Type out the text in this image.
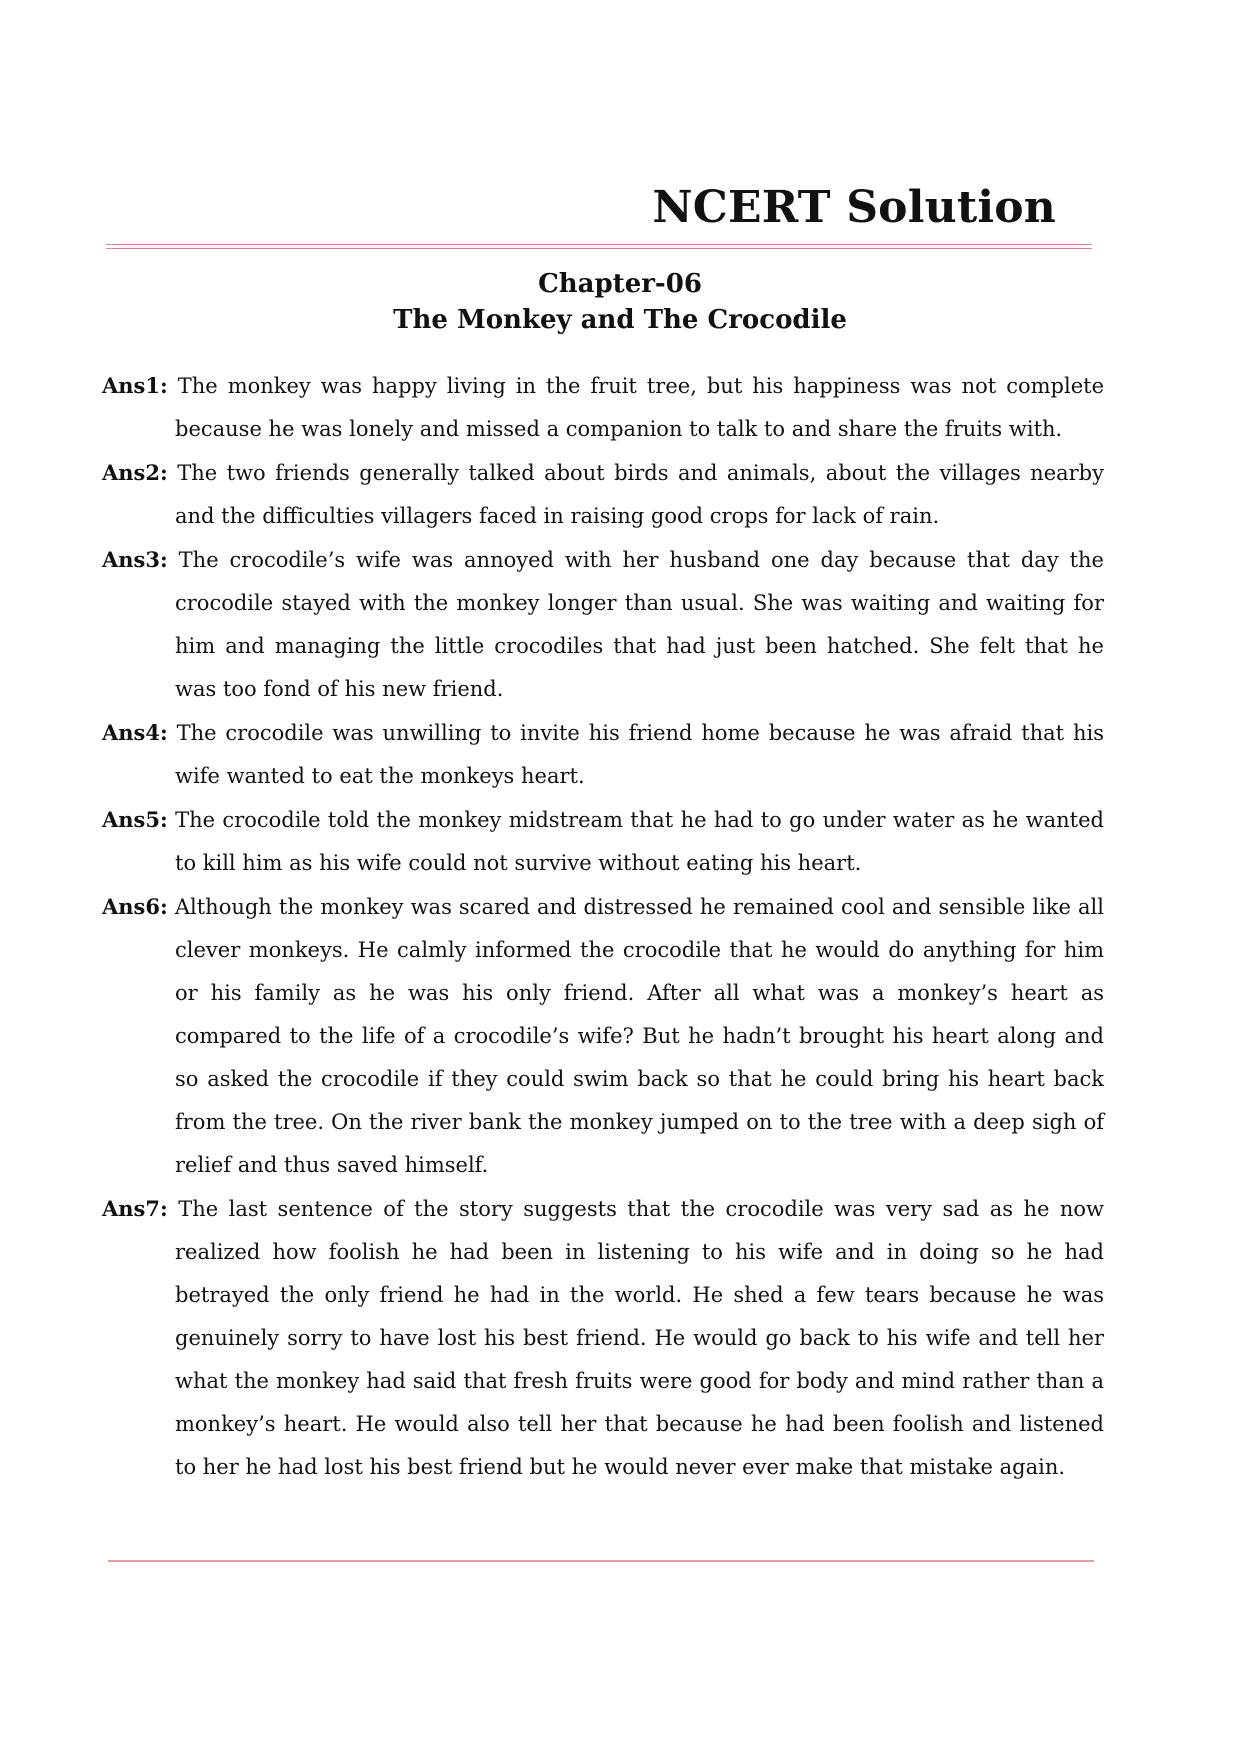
NCERT Solution
Chapter-06
The Monkey and The Crocodile

Ans1: The monkey was happy living in the fruit tree, but his happiness was not complete because he was lonely and missed a companion to talk to and share the fruits with.

Ans2: The two friends generally talked about birds and animals, about the villages nearby and the difficulties villagers faced in raising good crops for lack of rain.

Ans3: The crocodile’s wife was annoyed with her husband one day because that day the crocodile stayed with the monkey longer than usual. She was waiting and waiting for him and managing the little crocodiles that had just been hatched. She felt that he was too fond of his new friend.

Ans4: The crocodile was unwilling to invite his friend home because he was afraid that his wife wanted to eat the monkeys heart.

Ans5: The crocodile told the monkey midstream that he had to go under water as he wanted to kill him as his wife could not survive without eating his heart.

Ans6: Although the monkey was scared and distressed he remained cool and sensible like all clever monkeys. He calmly informed the crocodile that he would do anything for him or his family as he was his only friend. After all what was a monkey’s heart as compared to the life of a crocodile’s wife? But he hadn’t brought his heart along and so asked the crocodile if they could swim back so that he could bring his heart back from the tree. On the river bank the monkey jumped on to the tree with a deep sigh of relief and thus saved himself.

Ans7: The last sentence of the story suggests that the crocodile was very sad as he now realized how foolish he had been in listening to his wife and in doing so he had betrayed the only friend he had in the world. He shed a few tears because he was genuinely sorry to have lost his best friend. He would go back to his wife and tell her what the monkey had said that fresh fruits were good for body and mind rather than a monkey’s heart. He would also tell her that because he had been foolish and listened to her he had lost his best friend but he would never ever make that mistake again.
